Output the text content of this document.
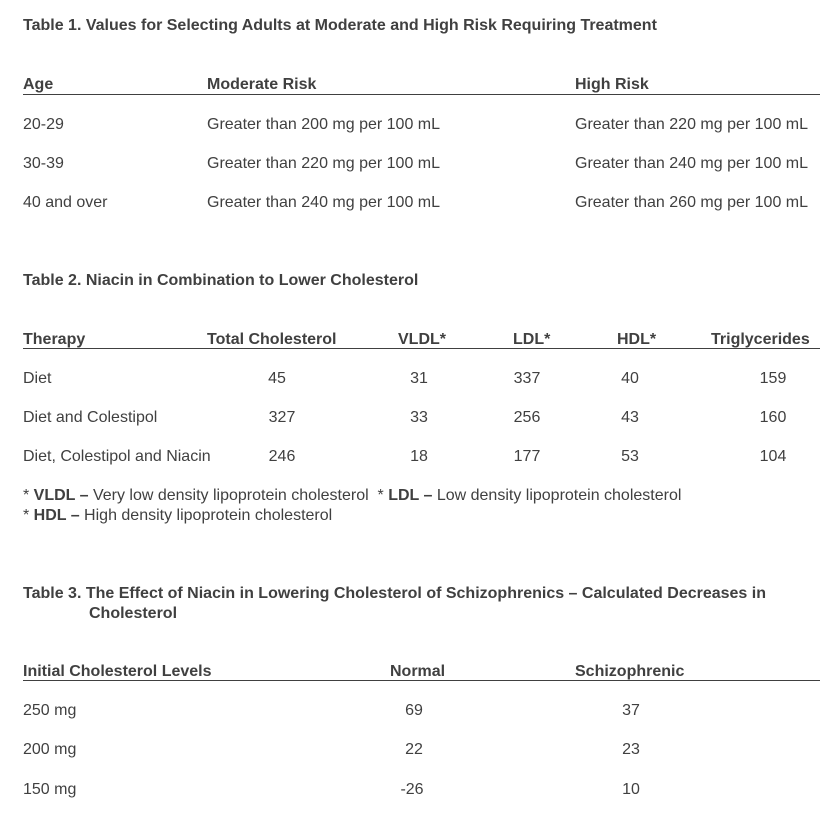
Table 1. Values for Selecting Adults at Moderate and High Risk Requiring Treatment
Age	Moderate Risk	High Risk
20-29	Greater than 200 mg per 100 mL	Greater than 220 mg per 100 mL
30-39	Greater than 220 mg per 100 mL	Greater than 240 mg per 100 mL
40 and over	Greater than 240 mg per 100 mL	Greater than 260 mg per 100 mL
Table 2. Niacin in Combination to Lower Cholesterol
Therapy	Total Cholesterol	VLDL*	LDL*	HDL*	Triglycerides
Diet	45	31	337	40	159
Diet and Colestipol	327	33	256	43	160
Diet, Colestipol and Niacin	246	18	177	53	104
* VLDL – Very low density lipoprotein cholesterol * LDL – Low density lipoprotein cholesterol
* HDL – High density lipoprotein cholesterol
Table 3. The Effect of Niacin in Lowering Cholesterol of Schizophrenics – Calculated Decreases in
Cholesterol
Initial Cholesterol Levels	Normal	Schizophrenic
250 mg	69	37
200 mg	22	23
150 mg	-26	10
